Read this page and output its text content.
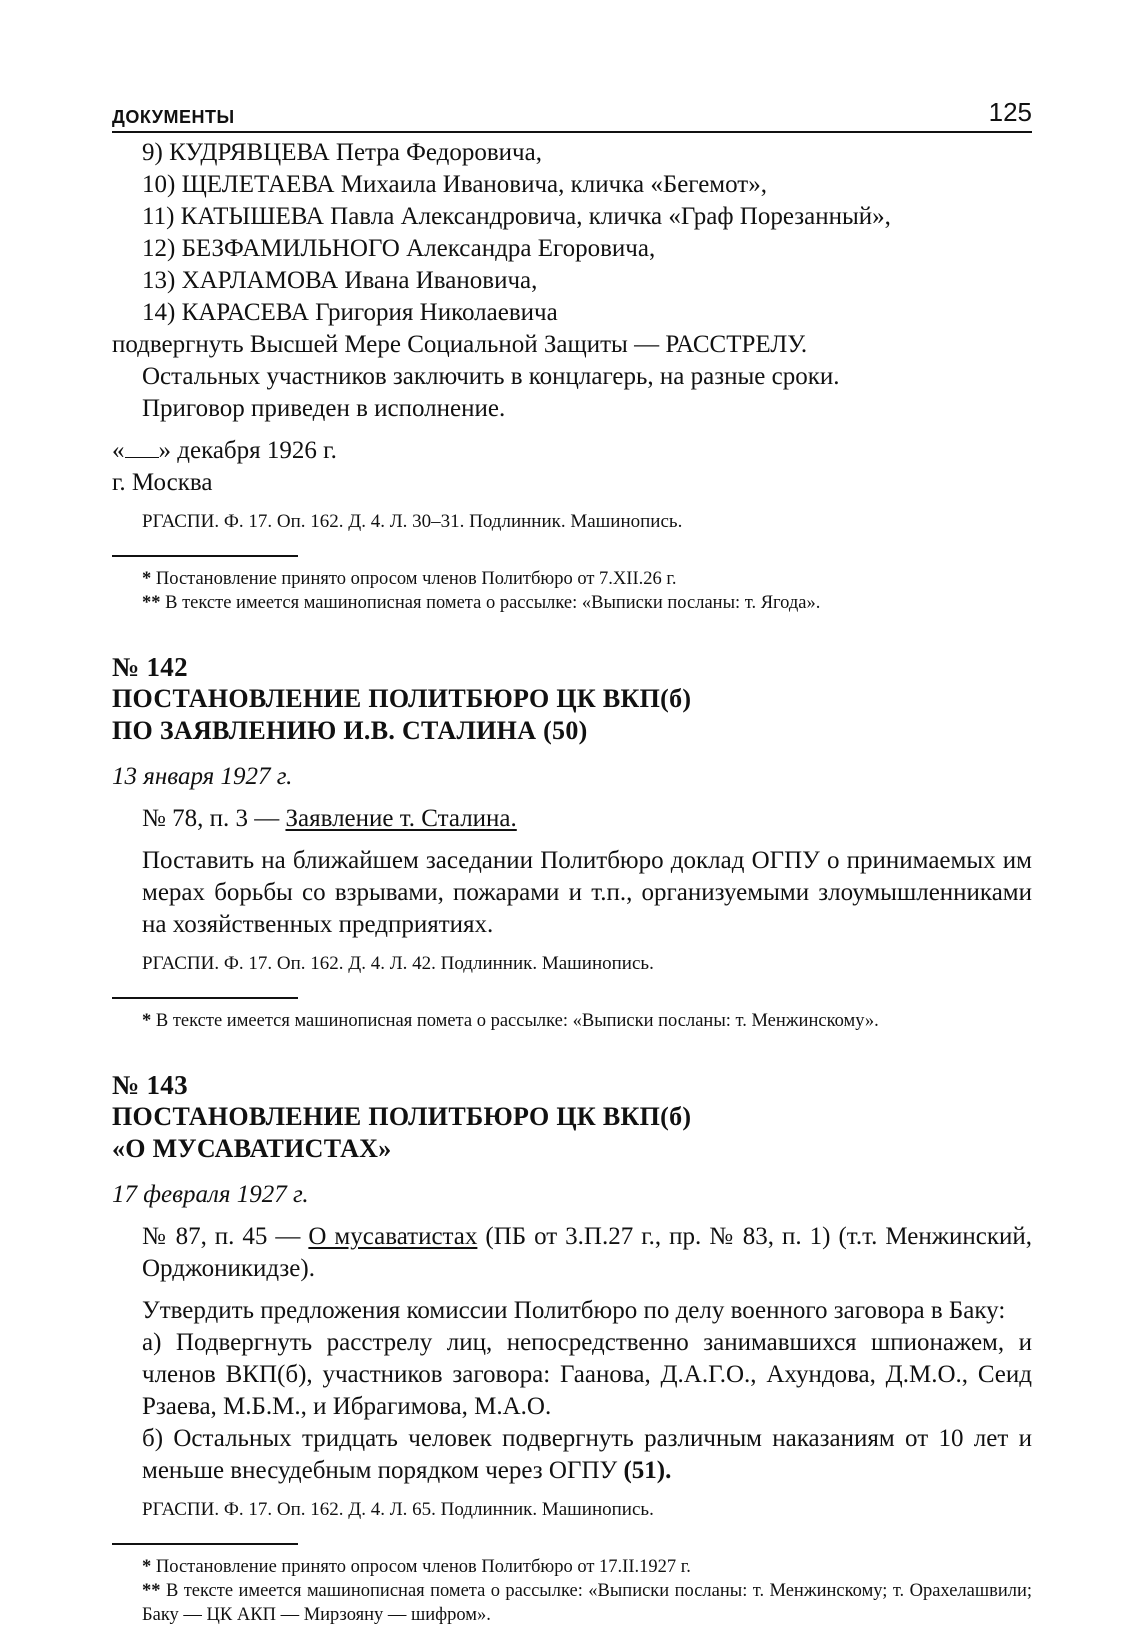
ДОКУМЕНТЫ	125
9) КУДРЯВЦЕВА Петра Федоровича,
10) ЩЕЛЕТАЕВА Михаила Ивановича, кличка «Бегемот»,
11) КАТЫШЕВА Павла Александровича, кличка «Граф Порезанный»,
12) БЕЗФАМИЛЬНОГО Александра Егоровича,
13) ХАРЛАМОВА Ивана Ивановича,
14) КАРАСЕВА Григория Николаевича

подвергнуть Высшей Мере Социальной Защиты — РАССТРЕЛУ.

Остальных участников заключить в концлагерь, на разные сроки.

Приговор приведен в исполнение.

« » декабря 1926 г.

г. Москва

РГАСПИ. Ф. 17. Оп. 162. Д. 4. Л. 30–31. Подлинник. Машинопись.

* Постановление принято опросом членов Политбюро от 7.XII.26 г.

** В тексте имеется машинописная помета о рассылке: «Выписки посланы: т. Ягода».

№ 142

ПОСТАНОВЛЕНИЕ ПОЛИТБЮРО ЦК ВКП(б)

ПО ЗАЯВЛЕНИЮ И.В. СТАЛИНА (50)

13 января 1927 г.

№ 78, п. 3 — Заявление т. Сталина.

Поставить на ближайшем заседании Политбюро доклад ОГПУ о принимаемых им мерах борьбы со взрывами, пожарами и т.п., организуемыми злоумышленниками на хозяйственных предприятиях.

РГАСПИ. Ф. 17. Оп. 162. Д. 4. Л. 42. Подлинник. Машинопись.

* В тексте имеется машинописная помета о рассылке: «Выписки посланы: т. Менжинскому».

№ 143

ПОСТАНОВЛЕНИЕ ПОЛИТБЮРО ЦК ВКП(б)

«О МУСАВАТИСТАХ»

17 февраля 1927 г.

№ 87, п. 45 — О мусаватистах (ПБ от 3.П.27 г., пр. № 83, п. 1) (т.т. Менжинский, Орджоникидзе).

Утвердить предложения комиссии Политбюро по делу военного заговора в Баку:

а) Подвергнуть расстрелу лиц, непосредственно занимавшихся шпионажем, и членов ВКП(б), участников заговора: Гаанова, Д.А.Г.О., Ахундова, Д.М.О., Сеид Рзаева, М.Б.М., и Ибрагимова, М.А.О.

б) Остальных тридцать человек подвергнуть различным наказаниям от 10 лет и меньше внесудебным порядком через ОГПУ (51).

РГАСПИ. Ф. 17. Оп. 162. Д. 4. Л. 65. Подлинник. Машинопись.

* Постановление принято опросом членов Политбюро от 17.II.1927 г.

** В тексте имеется машинописная помета о рассылке: «Выписки посланы: т. Менжинскому; т. Орахелашвили; Баку — ЦК АКП — Мирзояну — шифром».
